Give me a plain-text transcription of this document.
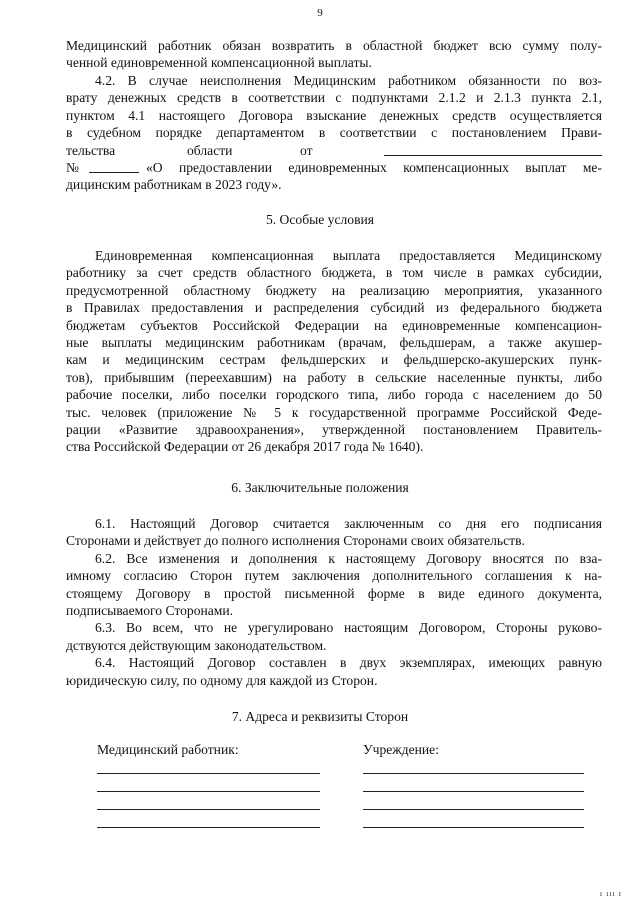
9
Медицинский работник обязан возвратить в областной бюджет всю сумму полу-
ченной единовременной компенсационной выплаты.
4.2. В случае неисполнения Медицинским работником обязанности по воз-
врату денежных средств в соответствии с подпунктами 2.1.2 и 2.1.3 пункта 2.1,
пунктом 4.1 настоящего Договора взыскание денежных средств осуществляется
в судебном порядке департаментом в соответствии с постановлением Прави-
тельства	области	от
№	«О предоставлении единовременных компенсационных выплат ме-
дицинским работникам в 2023 году».
5. Особые условия
Единовременная компенсационная выплата предоставляется Медицинскому
работнику за счет средств областного бюджета, в том числе в рамках субсидии,
предусмотренной областному бюджету на реализацию мероприятия, указанного
в Правилах предоставления и распределения субсидий из федерального бюджета
бюджетам субъектов Российской Федерации на единовременные компенсацион-
ные выплаты медицинским работникам (врачам, фельдшерам, а также акушер-
кам и медицинским сестрам фельдшерских и фельдшерско-акушерских пунк-
тов), прибывшим (переехавшим) на работу в сельские населенные пункты, либо
рабочие поселки, либо поселки городского типа, либо города с населением до 50
тыс. человек (приложение № 5 к государственной программе Российской Феде-
рации «Развитие здравоохранения», утвержденной постановлением Правитель-
ства Российской Федерации от 26 декабря 2017 года № 1640).
6. Заключительные положения
6.1. Настоящий Договор считается заключенным со дня его подписания
Сторонами и действует до полного исполнения Сторонами своих обязательств.
6.2. Все изменения и дополнения к настоящему Договору вносятся по вза-
имному согласию Сторон путем заключения дополнительного соглашения к на-
стоящему Договору в простой письменной форме в виде единого документа,
подписываемого Сторонами.
6.3. Во всем, что не урегулировано настоящим Договором, Стороны руково-
дствуются действующим законодательством.
6.4. Настоящий Договор составлен в двух экземплярах, имеющих равную
юридическую силу, по одному для каждой из Сторон.
7. Адреса и реквизиты Сторон
Медицинский работник:	Учреждение:
ı ııı ı
